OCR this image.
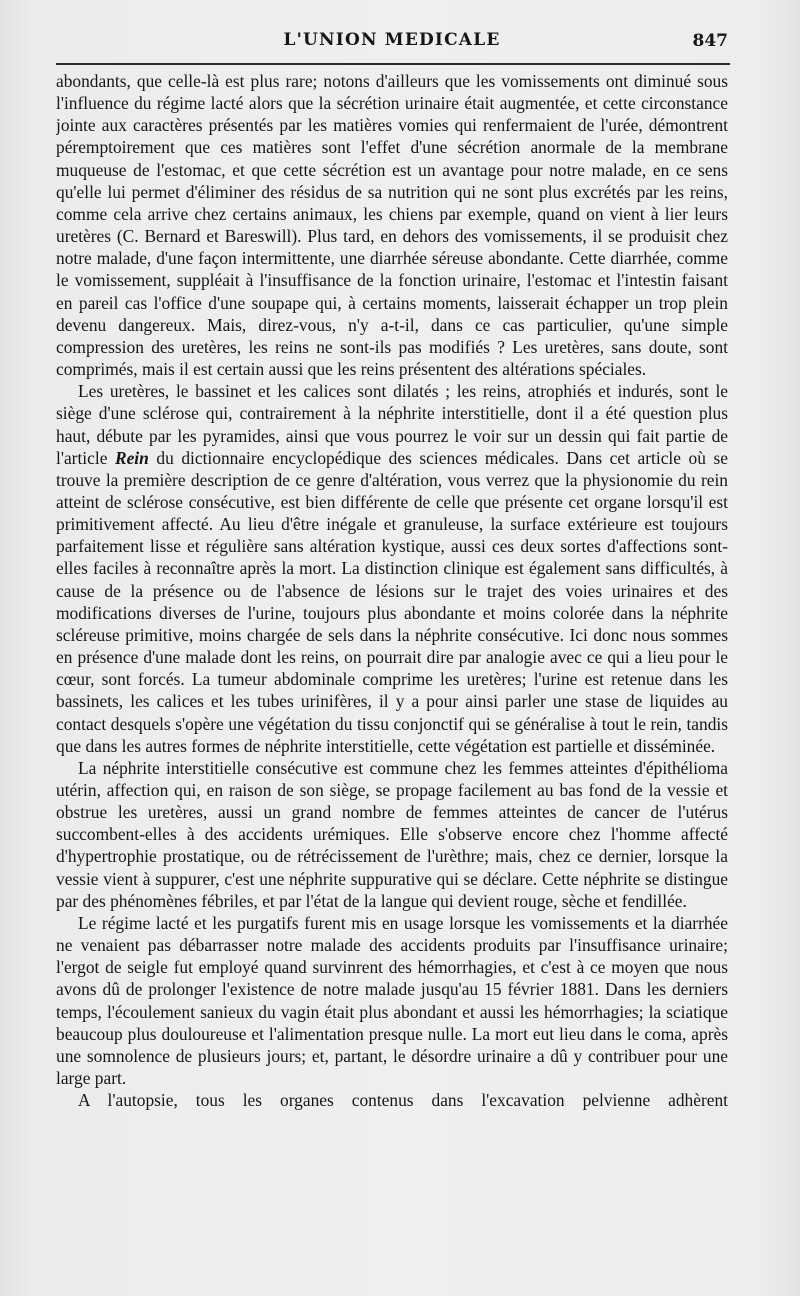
L'UNION MEDICALE	847

abondants, que celle-là est plus rare; notons d'ailleurs que les vomissements ont diminué sous l'influence du régime lacté alors que la sécrétion urinaire était augmentée, et cette circonstance jointe aux caractères présentés par les matières vomies qui renfermaient de l'urée, démontrent péremptoirement que ces matières sont l'effet d'une sécrétion anormale de la membrane muqueuse de l'estomac, et que cette sécrétion est un avantage pour notre malade, en ce sens qu'elle lui permet d'éliminer des résidus de sa nutrition qui ne sont plus excrétés par les reins, comme cela arrive chez certains animaux, les chiens par exemple, quand on vient à lier leurs uretères (C. Bernard et Bareswill). Plus tard, en dehors des vomissements, il se produisit chez notre malade, d'une façon intermittente, une diarrhée séreuse abondante. Cette diarrhée, comme le vomissement, suppléait à l'insuffisance de la fonction urinaire, l'estomac et l'intestin faisant en pareil cas l'office d'une soupape qui, à certains moments, laisserait échapper un trop plein devenu dangereux. Mais, direz-vous, n'y a-t-il, dans ce cas particulier, qu'une simple compression des uretères, les reins ne sont-ils pas modifiés ? Les uretères, sans doute, sont comprimés, mais il est certain aussi que les reins présentent des altérations spéciales.

Les uretères, le bassinet et les calices sont dilatés ; les reins, atrophiés et indurés, sont le siège d'une sclérose qui, contrairement à la néphrite interstitielle, dont il a été question plus haut, débute par les pyramides, ainsi que vous pourrez le voir sur un dessin qui fait partie de l'article Rein du dictionnaire encyclopédique des sciences médicales. Dans cet article où se trouve la première description de ce genre d'altération, vous verrez que la physionomie du rein atteint de sclérose consécutive, est bien différente de celle que présente cet organe lorsqu'il est primitivement affecté. Au lieu d'être inégale et granuleuse, la surface extérieure est toujours parfaitement lisse et régulière sans altération kystique, aussi ces deux sortes d'affections sont-elles faciles à reconnaître après la mort. La distinction clinique est également sans difficultés, à cause de la présence ou de l'absence de lésions sur le trajet des voies urinaires et des modifications diverses de l'urine, toujours plus abondante et moins colorée dans la néphrite scléreuse primitive, moins chargée de sels dans la néphrite consécutive. Ici donc nous sommes en présence d'une malade dont les reins, on pourrait dire par analogie avec ce qui a lieu pour le cœur, sont forcés. La tumeur abdominale comprime les uretères; l'urine est retenue dans les bassinets, les calices et les tubes urinifères, il y a pour ainsi parler une stase de liquides au contact desquels s'opère une végétation du tissu conjonctif qui se généralise à tout le rein, tandis que dans les autres formes de néphrite interstitielle, cette végétation est partielle et disséminée.

La néphrite interstitielle consécutive est commune chez les femmes atteintes d'épithélioma utérin, affection qui, en raison de son siège, se propage facilement au bas fond de la vessie et obstrue les uretères, aussi un grand nombre de femmes atteintes de cancer de l'utérus succombent-elles à des accidents urémiques. Elle s'observe encore chez l'homme affecté d'hypertrophie prostatique, ou de rétrécissement de l'urèthre; mais, chez ce dernier, lorsque la vessie vient à suppurer, c'est une néphrite suppurative qui se déclare. Cette néphrite se distingue par des phénomènes fébriles, et par l'état de la langue qui devient rouge, sèche et fendillée.

Le régime lacté et les purgatifs furent mis en usage lorsque les vomissements et la diarrhée ne venaient pas débarrasser notre malade des accidents produits par l'insuffisance urinaire; l'ergot de seigle fut employé quand survinrent des hémorrhagies, et c'est à ce moyen que nous avons dû de prolonger l'existence de notre malade jusqu'au 15 février 1881. Dans les derniers temps, l'écoulement sanieux du vagin était plus abondant et aussi les hémorrhagies; la sciatique beaucoup plus douloureuse et l'alimentation presque nulle. La mort eut lieu dans le coma, après une somnolence de plusieurs jours; et, partant, le désordre urinaire a dû y contribuer pour une large part.

A l'autopsie, tous les organes contenus dans l'excavation pelvienne adhèrent
